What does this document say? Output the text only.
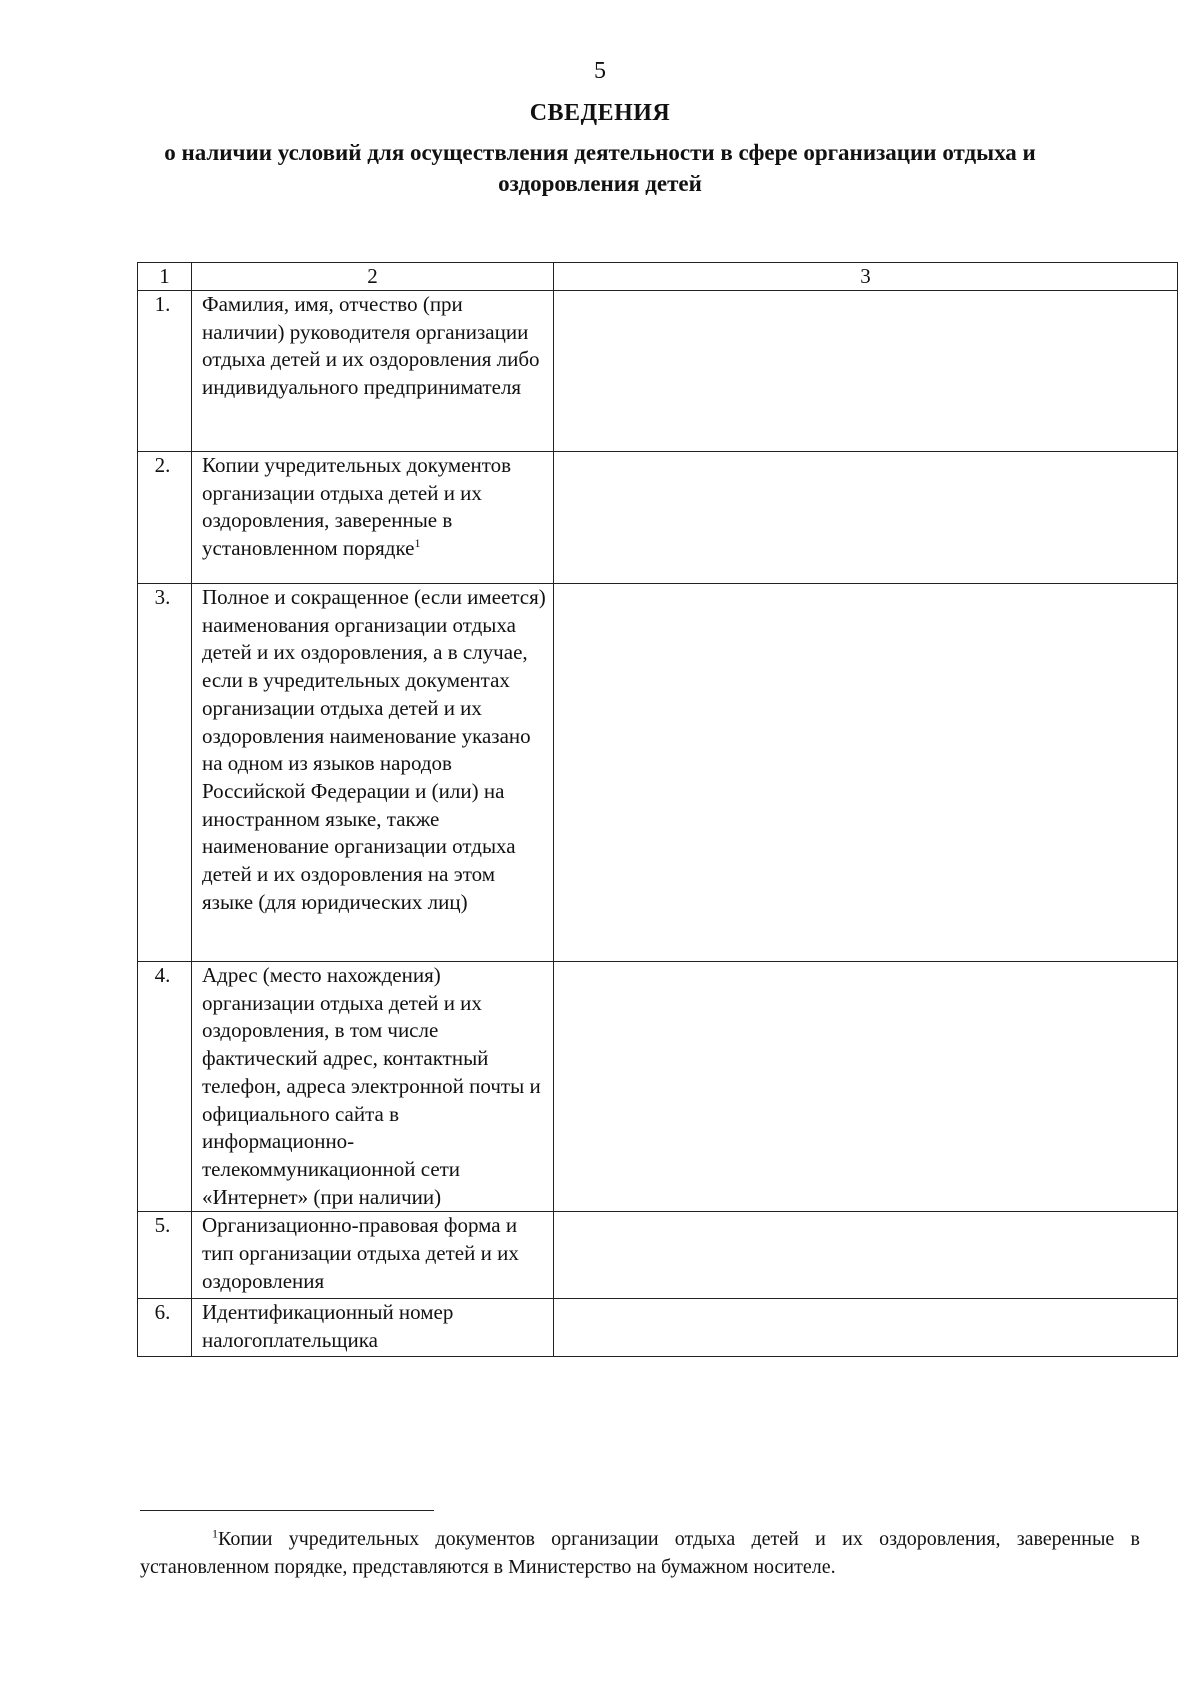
5
СВЕДЕНИЯ
о наличии условий для осуществления деятельности в сфере организации отдыха и оздоровления детей
1	2	3
1.	Фамилия, имя, отчество (при наличии) руководителя организации отдыха детей и их оздоровления либо индивидуального предпринимателя	
2.	Копии учредительных документов организации отдыха детей и их оздоровления, заверенные в установленном порядке$^1$	
3.	Полное и сокращенное (если имеется) наименования организации отдыха детей и их оздоровления, а в случае, если в учредительных документах организации отдыха детей и их оздоровления наименование указано на одном из языков народов Российской Федерации и (или) на иностранном языке, также наименование организации отдыха детей и их оздоровления на этом языке (для юридических лиц)	
4.	Адрес (место нахождения) организации отдыха детей и их оздоровления, в том числе фактический адрес, контактный телефон, адреса электронной почты и официального сайта в информационно-телекоммуникационной сети «Интернет» (при наличии)	
5.	Организационно-правовая форма и тип организации отдыха детей и их оздоровления	
6.	Идентификационный номер налогоплательщика	
$^1$Копии учредительных документов организации отдыха детей и их оздоровления, заверенные в установленном порядке, представляются в Министерство на бумажном носителе.
